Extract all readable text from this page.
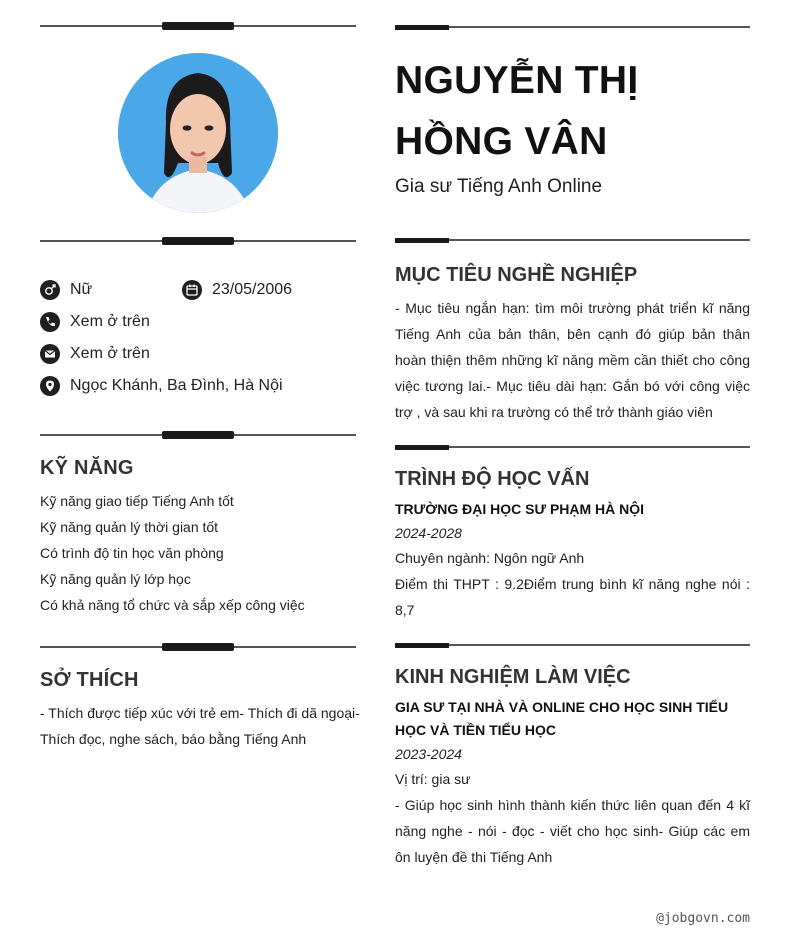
Nữ	23/05/2006
Xem ở trên
Xem ở trên
Ngọc Khánh, Ba Đình, Hà Nội
KỸ NĂNG
Kỹ năng giao tiếp Tiếng Anh tốt
Kỹ năng quản lý thời gian tốt
Có trình độ tin học văn phòng
Kỹ năng quản lý lớp học
Có khả năng tổ chức và sắp xếp công việc
SỞ THÍCH
- Thích được tiếp xúc với trẻ em- Thích đi dã ngoại- Thích đọc, nghe sách, báo bằng Tiếng Anh
NGUYỄN THỊ HỒNG VÂN
Gia sư Tiếng Anh Online
MỤC TIÊU NGHỀ NGHIỆP
- Mục tiêu ngắn hạn: tìm môi trường phát triển kĩ năng Tiếng Anh của bản thân, bên cạnh đó giúp bản thân hoàn thiện thêm những kĩ năng mềm cần thiết cho công việc tương lai.- Mục tiêu dài hạn: Gắn bó với công việc trợ , và sau khi ra trường có thể trở thành giáo viên
TRÌNH ĐỘ HỌC VẤN
TRƯỜNG ĐẠI HỌC SƯ PHẠM HÀ NỘI
2024-2028
Chuyên ngành: Ngôn ngữ Anh
Điểm thi THPT : 9.2Điểm trung bình kĩ năng nghe nói : 8,7
KINH NGHIỆM LÀM VIỆC
GIA SƯ TẠI NHÀ VÀ ONLINE CHO HỌC SINH TIỂU HỌC VÀ TIỀN TIỂU HỌC
2023-2024
Vị trí: gia sư
- Giúp học sinh hình thành kiến thức liên quan đến 4 kĩ năng nghe - nói - đọc - viết cho học sinh- Giúp các em ôn luyện đề thi Tiếng Anh
@jobgovn.com
